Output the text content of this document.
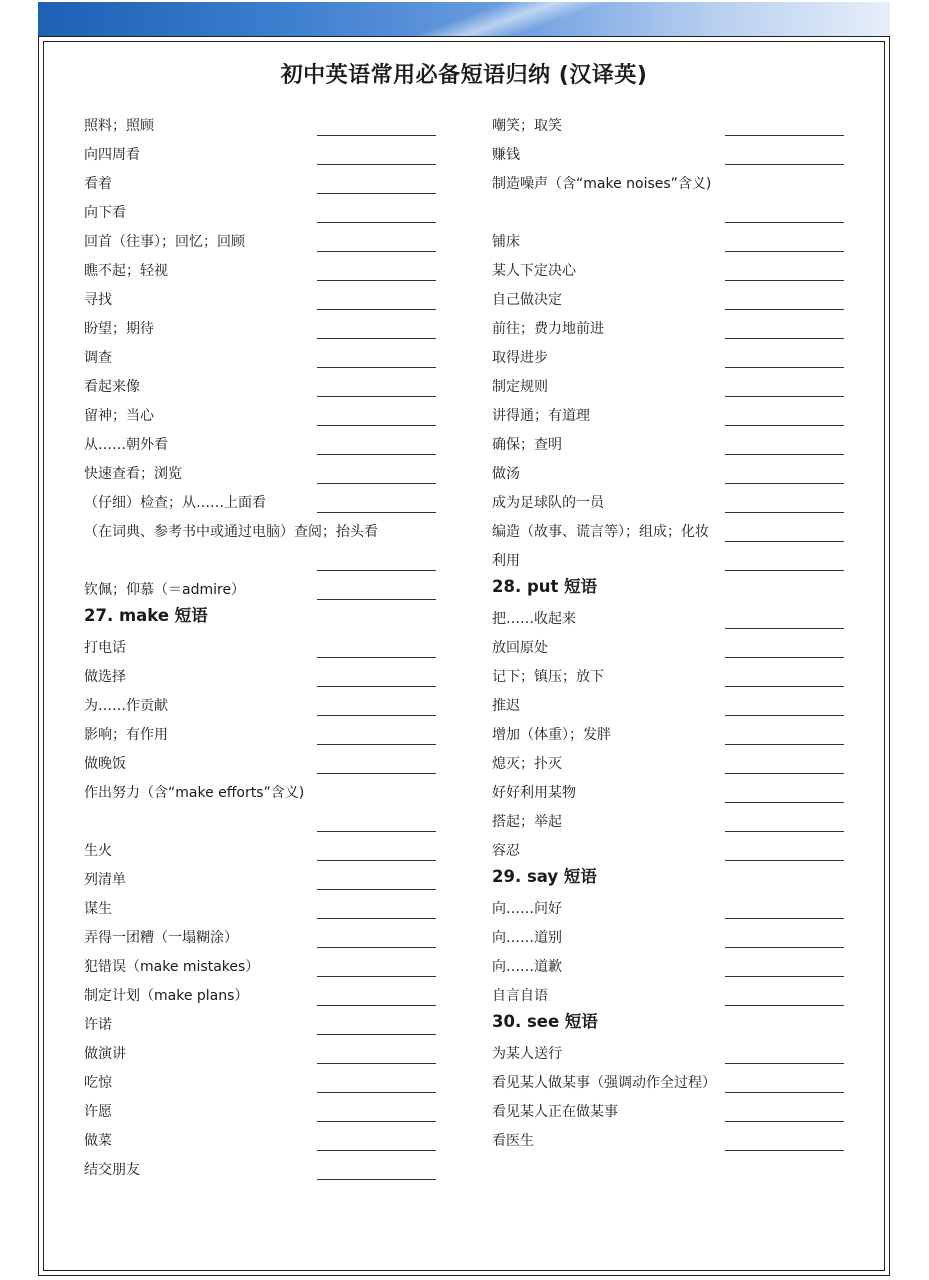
初中英语常用必备短语归纳 (汉译英)
照料；照顾
向四周看
看着
向下看
回首（往事）；回忆；回顾
瞧不起；轻视
寻找
盼望；期待
调查
看起来像
留神；当心
从……朝外看
快速查看；浏览
（仔细）检查；从……上面看
（在词典、参考书中或通过电脑）查阅；抬头看
钦佩；仰慕（＝admire）
27. make 短语
打电话
做选择
为……作贡献
影响；有作用
做晚饭
作出努力（含“make efforts”含义)
生火
列清单
谋生
弄得一团糟（一塌糊涂）
犯错误（make mistakes）
制定计划（make plans）
许诺
做演讲
吃惊
许愿
做菜
结交朋友
嘲笑；取笑
赚钱
制造噪声（含“make noises”含义)
铺床
某人下定决心
自己做决定
前往；费力地前进
取得进步
制定规则
讲得通；有道理
确保；查明
做汤
成为足球队的一员
编造（故事、谎言等）；组成；化妆
利用
28. put 短语
把……收起来
放回原处
记下；镇压；放下
推迟
增加（体重）；发胖
熄灭；扑灭
好好利用某物
搭起；举起
容忍
29. say 短语
向……问好
向……道别
向……道歉
自言自语
30. see 短语
为某人送行
看见某人做某事（强调动作全过程）
看见某人正在做某事
看医生
